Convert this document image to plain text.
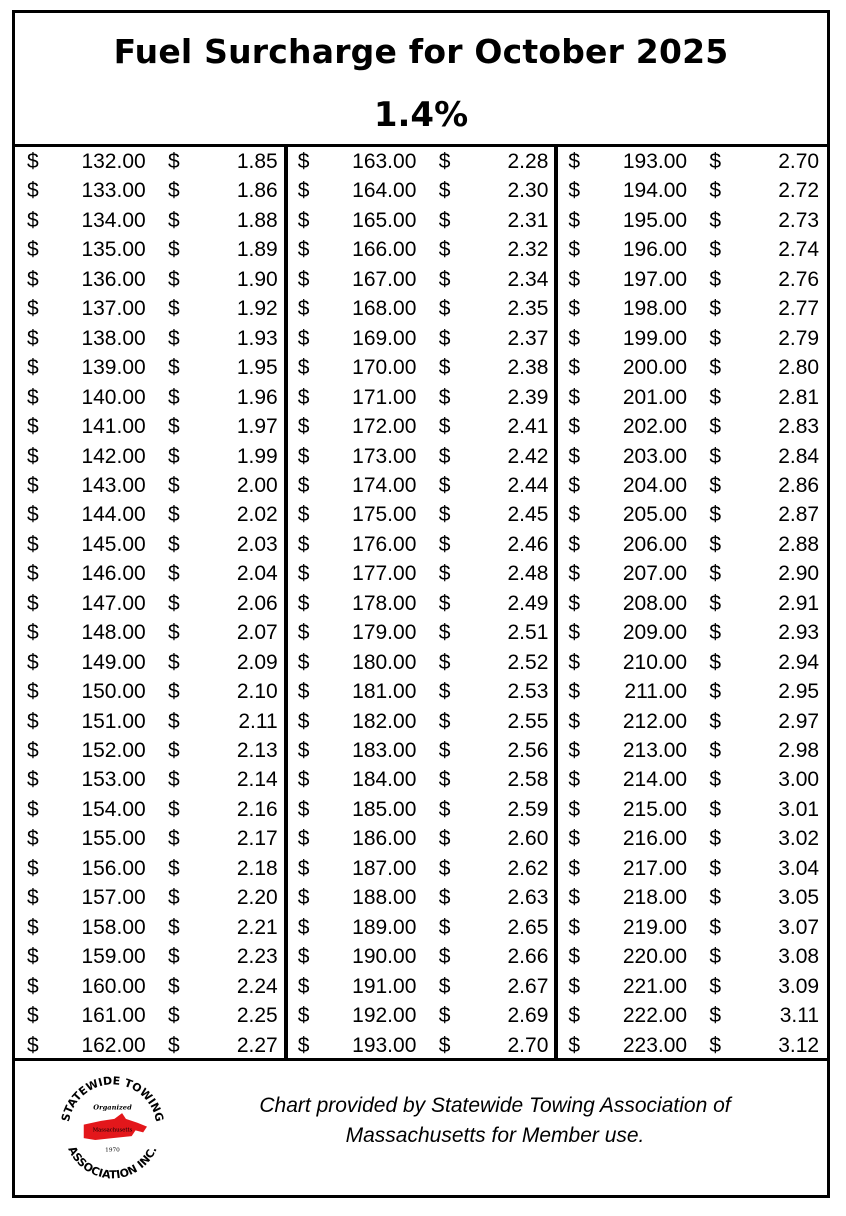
Fuel Surcharge for October 2025
1.4%
$ 132.00 $	1.85
$ 133.00 $	1.86
$ 134.00 $	1.88
$ 135.00 $	1.89
$ 136.00 $	1.90
$ 137.00 $	1.92
$ 138.00 $	1.93
$ 139.00 $	1.95
$ 140.00 $	1.96
$ 141.00 $	1.97
$ 142.00 $	1.99
$ 143.00 $	2.00
$ 144.00 $	2.02
$ 145.00 $	2.03
$ 146.00 $	2.04
$ 147.00 $	2.06
$ 148.00 $	2.07
$ 149.00 $	2.09
$ 150.00 $	2.10
$ 151.00 $	2.11
$ 152.00 $	2.13
$ 153.00 $	2.14
$ 154.00 $	2.16
$ 155.00 $	2.17
$ 156.00 $	2.18
$ 157.00 $	2.20
$ 158.00 $	2.21
$ 159.00 $	2.23
$ 160.00 $	2.24
$ 161.00 $	2.25
$ 162.00 $	2.27
$ 163.00 $	2.28
$ 164.00 $	2.30
$ 165.00 $	2.31
$ 166.00 $	2.32
$ 167.00 $	2.34
$ 168.00 $	2.35
$ 169.00 $	2.37
$ 170.00 $	2.38
$ 171.00 $	2.39
$ 172.00 $	2.41
$ 173.00 $	2.42
$ 174.00 $	2.44
$ 175.00 $	2.45
$ 176.00 $	2.46
$ 177.00 $	2.48
$ 178.00 $	2.49
$ 179.00 $	2.51
$ 180.00 $	2.52
$ 181.00 $	2.53
$ 182.00 $	2.55
$ 183.00 $	2.56
$ 184.00 $	2.58
$ 185.00 $	2.59
$ 186.00 $	2.60
$ 187.00 $	2.62
$ 188.00 $	2.63
$ 189.00 $	2.65
$ 190.00 $	2.66
$ 191.00 $	2.67
$ 192.00 $	2.69
$ 193.00 $	2.70
$ 193.00 $	2.70
$ 194.00 $	2.72
$ 195.00 $	2.73
$ 196.00 $	2.74
$ 197.00 $	2.76
$ 198.00 $	2.77
$ 199.00 $	2.79
$ 200.00 $	2.80
$ 201.00 $	2.81
$ 202.00 $	2.83
$ 203.00 $	2.84
$ 204.00 $	2.86
$ 205.00 $	2.87
$ 206.00 $	2.88
$ 207.00 $	2.90
$ 208.00 $	2.91
$ 209.00 $	2.93
$ 210.00 $	2.94
$ 211.00 $	2.95
$ 212.00 $	2.97
$ 213.00 $	2.98
$ 214.00 $	3.00
$ 215.00 $	3.01
$ 216.00 $	3.02
$ 217.00 $	3.04
$ 218.00 $	3.05
$ 219.00 $	3.07
$ 220.00 $	3.08
$ 221.00 $	3.09
$ 222.00 $	3.11
$ 223.00 $	3.12
STATEWIDE TOWING
Organized
Massachusetts
1970
ASSOCIATION INC.
Chart provided by Statewide Towing Association of Massachusetts for Member use.
